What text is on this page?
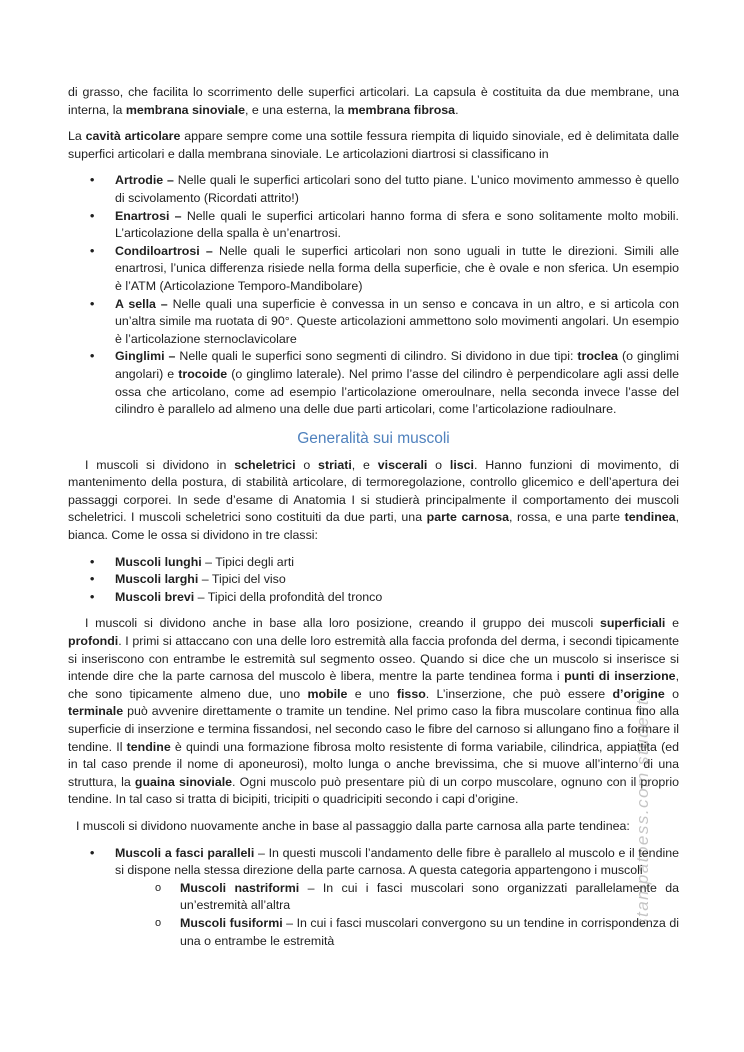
stampatoess.com studenti

di grasso, che facilita lo scorrimento delle superfici articolari. La capsula è costituita da due membrane, una interna, la membrana sinoviale, e una esterna, la membrana fibrosa.

La cavità articolare appare sempre come una sottile fessura riempita di liquido sinoviale, ed è delimitata dalle superfici articolari e dalla membrana sinoviale. Le articolazioni diartrosi si classificano in

• Artrodie – Nelle quali le superfici articolari sono del tutto piane. L’unico movimento ammesso è quello di scivolamento (Ricordati attrito!)
• Enartrosi – Nelle quali le superfici articolari hanno forma di sfera e sono solitamente molto mobili. L’articolazione della spalla è un’enartrosi.
• Condiloartrosi – Nelle quali le superfici articolari non sono uguali in tutte le direzioni. Simili alle enartrosi, l’unica differenza risiede nella forma della superficie, che è ovale e non sferica. Un esempio è l’ATM (Articolazione Temporo-Mandibolare)
• A sella – Nelle quali una superficie è convessa in un senso e concava in un altro, e si articola con un’altra simile ma ruotata di 90°. Queste articolazioni ammettono solo movimenti angolari. Un esempio è l’articolazione sternoclavicolare
• Ginglimi – Nelle quali le superfici sono segmenti di cilindro. Si dividono in due tipi: troclea (o ginglimi angolari) e trocoide (o ginglimo laterale). Nel primo l’asse del cilindro è perpendicolare agli assi delle ossa che articolano, come ad esempio l’articolazione omeroulnare, nella seconda invece l’asse del cilindro è parallelo ad almeno una delle due parti articolari, come l’articolazione radioulnare.
Generalità sui muscoli

I muscoli si dividono in scheletrici o striati, e viscerali o lisci. Hanno funzioni di movimento, di mantenimento della postura, di stabilità articolare, di termoregolazione, controllo glicemico e dell’apertura dei passaggi corporei. In sede d’esame di Anatomia I si studierà principalmente il comportamento dei muscoli scheletrici. I muscoli scheletrici sono costituiti da due parti, una parte carnosa, rossa, e una parte tendinea, bianca. Come le ossa si dividono in tre classi:

• Muscoli lunghi – Tipici degli arti
• Muscoli larghi – Tipici del viso
• Muscoli brevi – Tipici della profondità del tronco

I muscoli si dividono anche in base alla loro posizione, creando il gruppo dei muscoli superficiali e profondi. I primi si attaccano con una delle loro estremità alla faccia profonda del derma, i secondi tipicamente si inseriscono con entrambe le estremità sul segmento osseo. Quando si dice che un muscolo si inserisce si intende dire che la parte carnosa del muscolo è libera, mentre la parte tendinea forma i punti di inserzione, che sono tipicamente almeno due, uno mobile e uno fisso. L’inserzione, che può essere d’origine o terminale può avvenire direttamente o tramite un tendine. Nel primo caso la fibra muscolare continua fino alla superficie di inserzione e termina fissandosi, nel secondo caso le fibre del carnoso si allungano fino a formare il tendine. Il tendine è quindi una formazione fibrosa molto resistente di forma variabile, cilindrica, appiattita (ed in tal caso prende il nome di aponeurosi), molto lunga o anche brevissima, che si muove all’interno di una struttura, la guaina sinoviale. Ogni muscolo può presentare più di un corpo muscolare, ognuno con il proprio tendine. In tal caso si tratta di bicipiti, tricipiti o quadricipiti secondo i capi d’origine.

I muscoli si dividono nuovamente anche in base al passaggio dalla parte carnosa alla parte tendinea:

• Muscoli a fasci paralleli – In questi muscoli l’andamento delle fibre è parallelo al muscolo e il tendine si dispone nella stessa direzione della parte carnosa. A questa categoria appartengono i muscoli
o Muscoli nastriformi – In cui i fasci muscolari sono organizzati parallelamente da un’estremità all’altra
o Muscoli fusiformi – In cui i fasci muscolari convergono su un tendine in corrispondenza di una o entrambe le estremità
